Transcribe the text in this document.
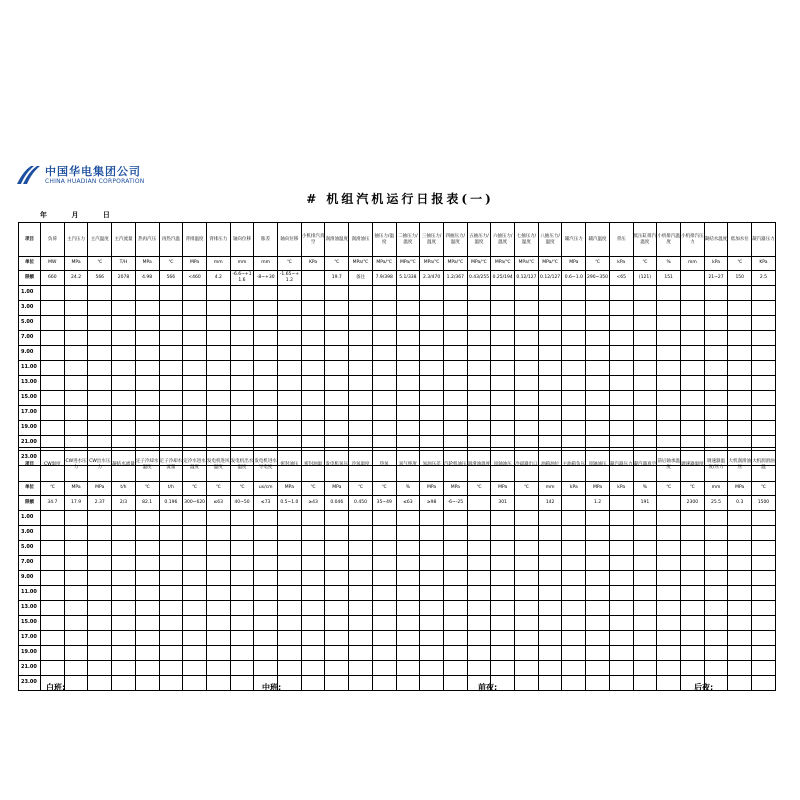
中国华电集团公司
CHINA HUADIAN CORPORATION
# 机组汽机运行日报表(一)
年	月	日
项目	负荷	主汽压力	主汽温度	主汽流量	热再汽压	再热汽温	背排温度	背排压力	轴向位移	胀差	轴向位移	小机排汽真空	润滑油温度	润滑油压	抽压力/温度	二抽压力/温度	三抽压力/温度	四抽压力/温度	五抽压力/温度	六抽压力/温度	七抽压力/温度	八抽压力/温度	辅汽压力	辅汽温度	背压	低压缸排汽温度	小机排汽温度	小机排汽压力	凝结水温度	低加水位	凝汽器压力
单位	MW	MPa	℃	T/H	MPa	℃	MPa	mm	mm	mm	℃	KPa	℃	MPa/℃	MPa/℃	MPa/℃	MPa/℃	MPa/℃	MPa/℃	MPa/℃	MPa/℃	MPa/℃	MPa	℃	kPa	℃	%	mm	kPa	℃	KPa
限额	660	24.2	566	2078	4.98	566	<460	4.2	-6.6~+11.6	-8~+30	-1.65~+1.2		19.7	备注	7.9/398	5.1/338	2.3/470	1.2/367	0.43/255	0.25/194	0.12/127	0.12/127	0.6~1.0	290~350	<65	(121)	151		21~27	150	2.5
1.00																															
3.00																															
5.00																															
7.00																															
9.00																															
11.00																															
13.00																															
15.00																															
17.00																															
19.00																															
21.00																															
23.00																															
项目	CW温度	CW进水压力	CW出水压力	凝结水流量	定子冷却水温度	定子冷却水流量	定冷水进水温度	发电机进风温度	发电机出水温度	发电机进水导电度	密封油压	密封油温	发电机氢压	冷氢温度	热氢	氢气纯度	氢油压差	汽轮机油压	润滑油温度	顶轴油压	冷却器出口	油箱油位	主油箱负压	顶轴油压	凝汽器压力	凝汽器真空	前后轴承温度	调速器温度	调速器温度/压力	大机润滑油压	大机润滑油温
单位	℃	MPa	MPa	t/h	℃	t/h	℃	℃	℃	us/cm	MPa	℃	MPa	℃	℃	%	MPa	MPa	℃	MPa	℃	mm	kPa	MPa	kPa	%	℃	℃	mm	MPa	℃
限额	34.7	17.9	2.37	2/3	82.1	0.196	300~620	≤63	40~50	≤73	0.5~1.0	≥43	0.046	0.450	35~49	≤63	≥98	-6~-25		301		142		1.2		191		2300	25.5	0.3	1500
1.00																															
3.00																															
5.00																															
7.00																															
9.00																															
11.00																															
13.00																															
15.00																															
17.00																															
19.00																															
21.00																															
23.00																															
白班:	中班:	前夜:	后夜:
